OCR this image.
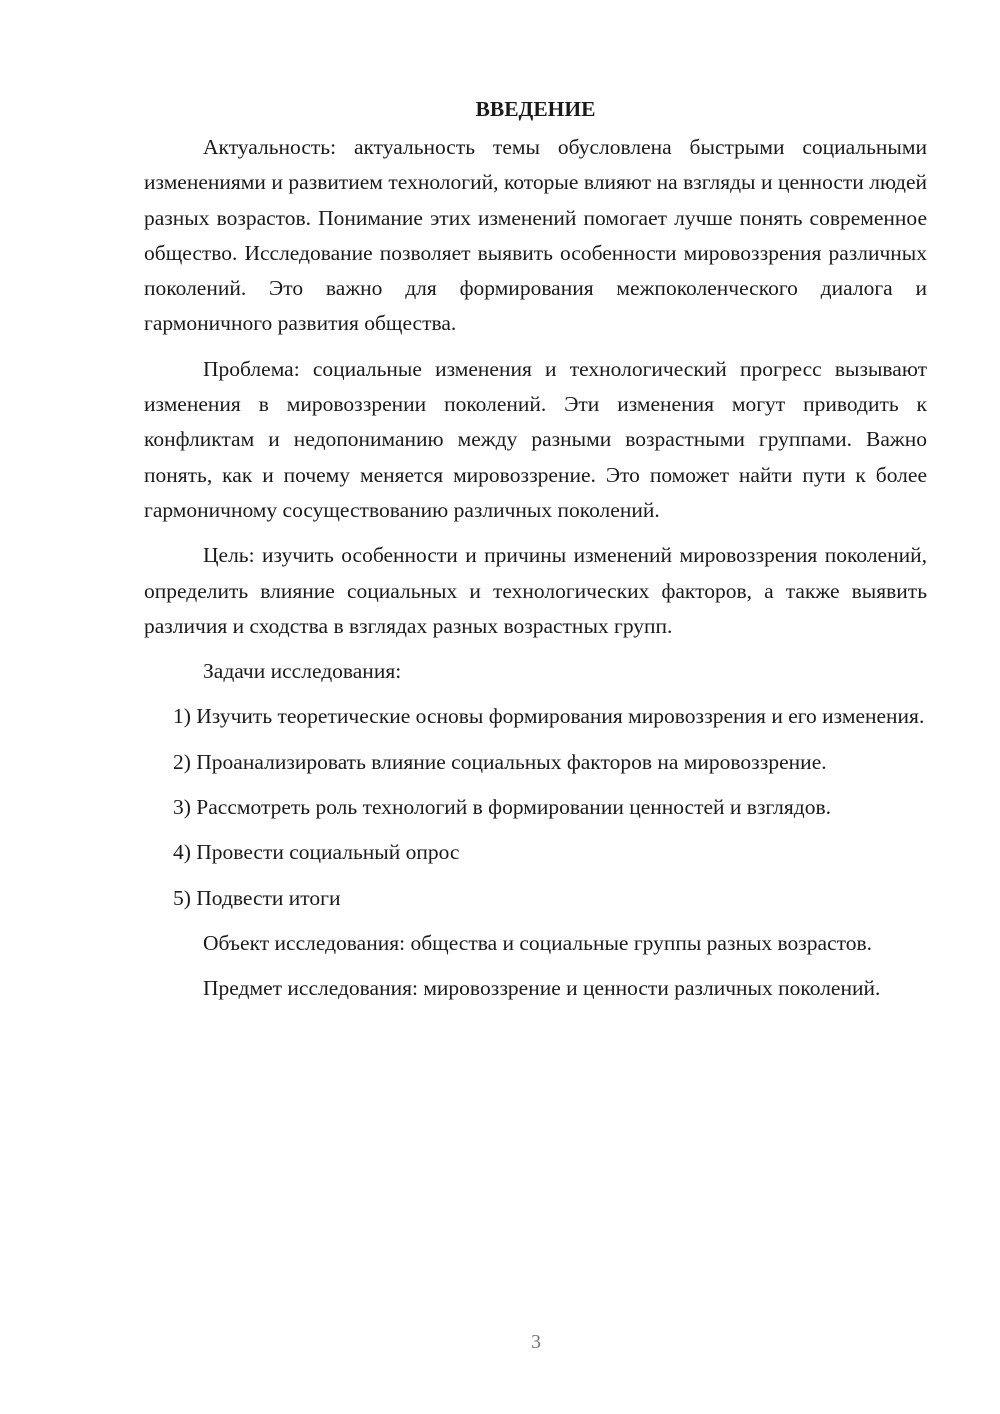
ВВЕДЕНИЕ

Актуальность: актуальность темы обусловлена быстрыми социальными изменениями и развитием технологий, которые влияют на взгляды и ценности людей разных возрастов. Понимание этих изменений помогает лучше понять современное общество. Исследование позволяет выявить особенности мировоззрения различных поколений. Это важно для формирования межпоколенческого диалога и гармоничного развития общества.

Проблема: социальные изменения и технологический прогресс вызывают изменения в мировоззрении поколений. Эти изменения могут приводить к конфликтам и недопониманию между разными возрастными группами. Важно понять, как и почему меняется мировоззрение. Это поможет найти пути к более гармоничному сосуществованию различных поколений.

Цель: изучить особенности и причины изменений мировоззрения поколений, определить влияние социальных и технологических факторов, а также выявить различия и сходства в взглядах разных возрастных групп.

Задачи исследования:

1) Изучить теоретические основы формирования мировоззрения и его изменения.

2) Проанализировать влияние социальных факторов на мировоззрение.

3) Рассмотреть роль технологий в формировании ценностей и взглядов.

4) Провести социальный опрос

5) Подвести итоги

Объект исследования: общества и социальные группы разных возрастов.

Предмет исследования: мировоззрение и ценности различных поколений.

3
